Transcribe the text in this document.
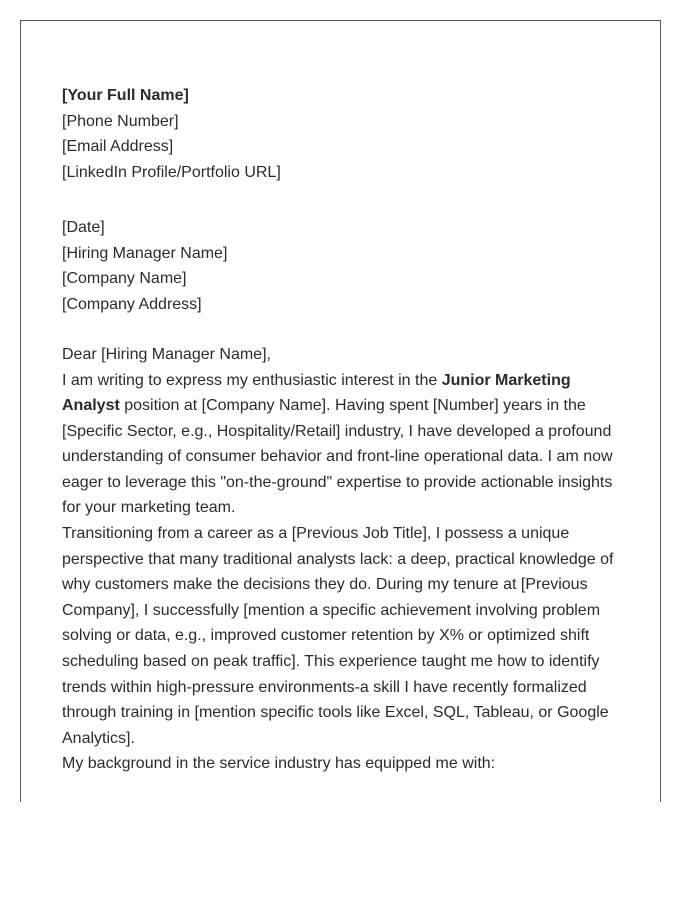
[Your Full Name]
[Phone Number]
[Email Address]
[LinkedIn Profile/Portfolio URL]
[Date]
[Hiring Manager Name]
[Company Name]
[Company Address]
Dear [Hiring Manager Name],

I am writing to express my enthusiastic interest in the Junior Marketing Analyst position at [Company Name]. Having spent [Number] years in the [Specific Sector, e.g., Hospitality/Retail] industry, I have developed a profound understanding of consumer behavior and front-line operational data. I am now eager to leverage this "on-the-ground" expertise to provide actionable insights for your marketing team.

Transitioning from a career as a [Previous Job Title], I possess a unique perspective that many traditional analysts lack: a deep, practical knowledge of why customers make the decisions they do. During my tenure at [Previous Company], I successfully [mention a specific achievement involving problem solving or data, e.g., improved customer retention by X% or optimized shift scheduling based on peak traffic]. This experience taught me how to identify trends within high-pressure environments-a skill I have recently formalized through training in [mention specific tools like Excel, SQL, Tableau, or Google Analytics].

My background in the service industry has equipped me with:
